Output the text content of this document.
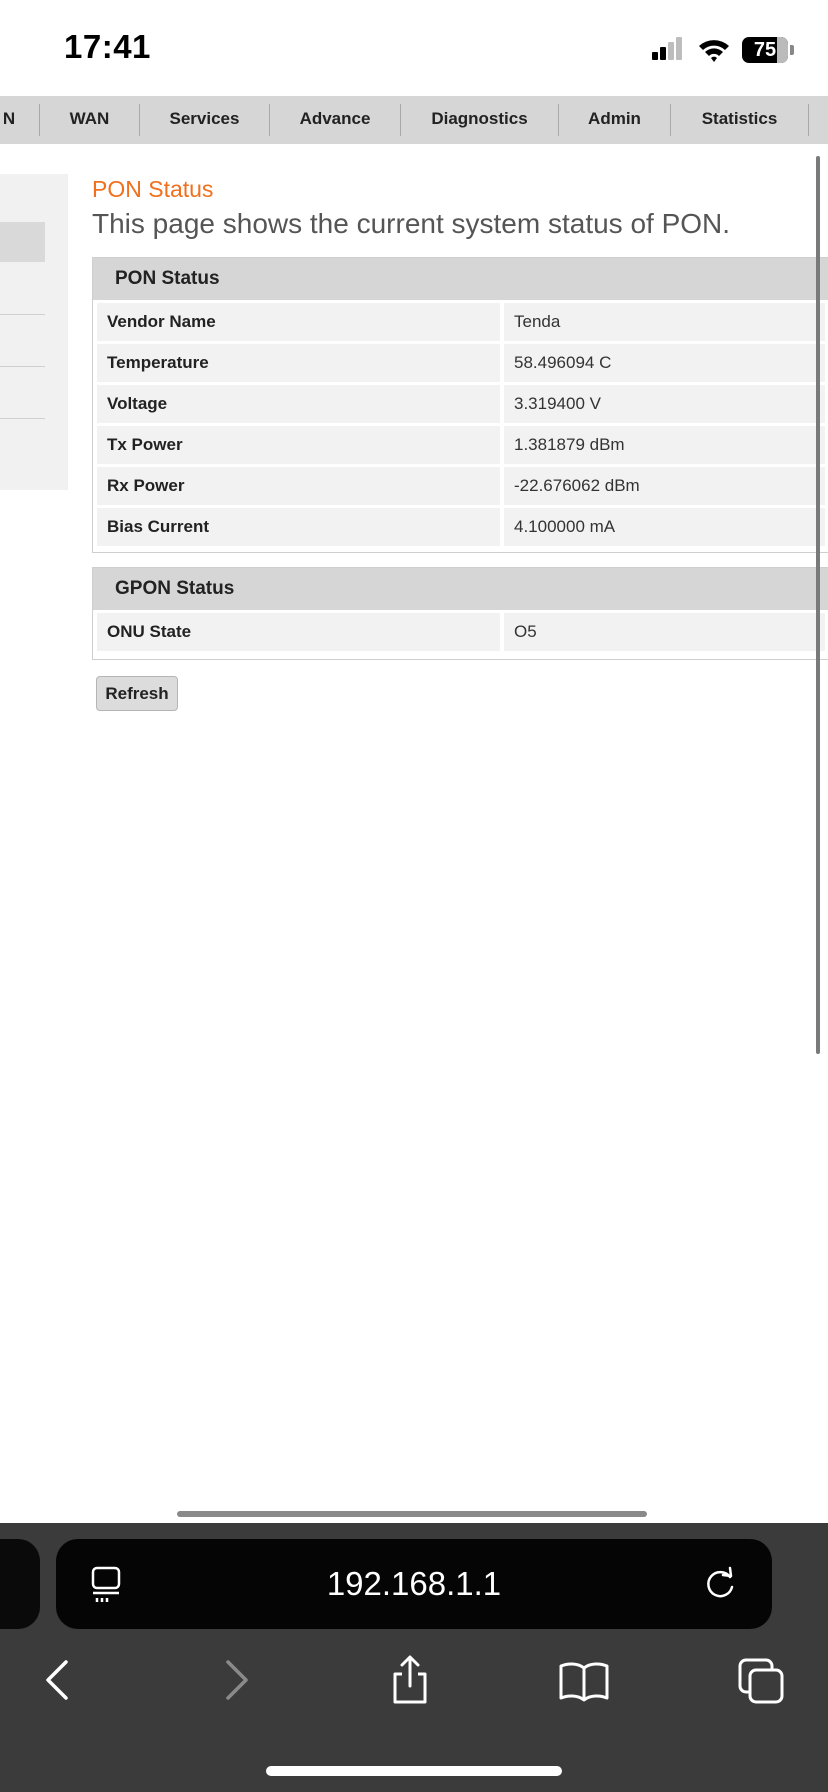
17:41	75
N	WAN	Services	Advance	Diagnostics	Admin	Statistics
PON Status
This page shows the current system status of PON.
PON Status
Vendor Name	Tenda
Temperature	58.496094 C
Voltage	3.319400 V
Tx Power	1.381879 dBm
Rx Power	-22.676062 dBm
Bias Current	4.100000 mA
GPON Status
ONU State	O5
Refresh
192.168.1.1
